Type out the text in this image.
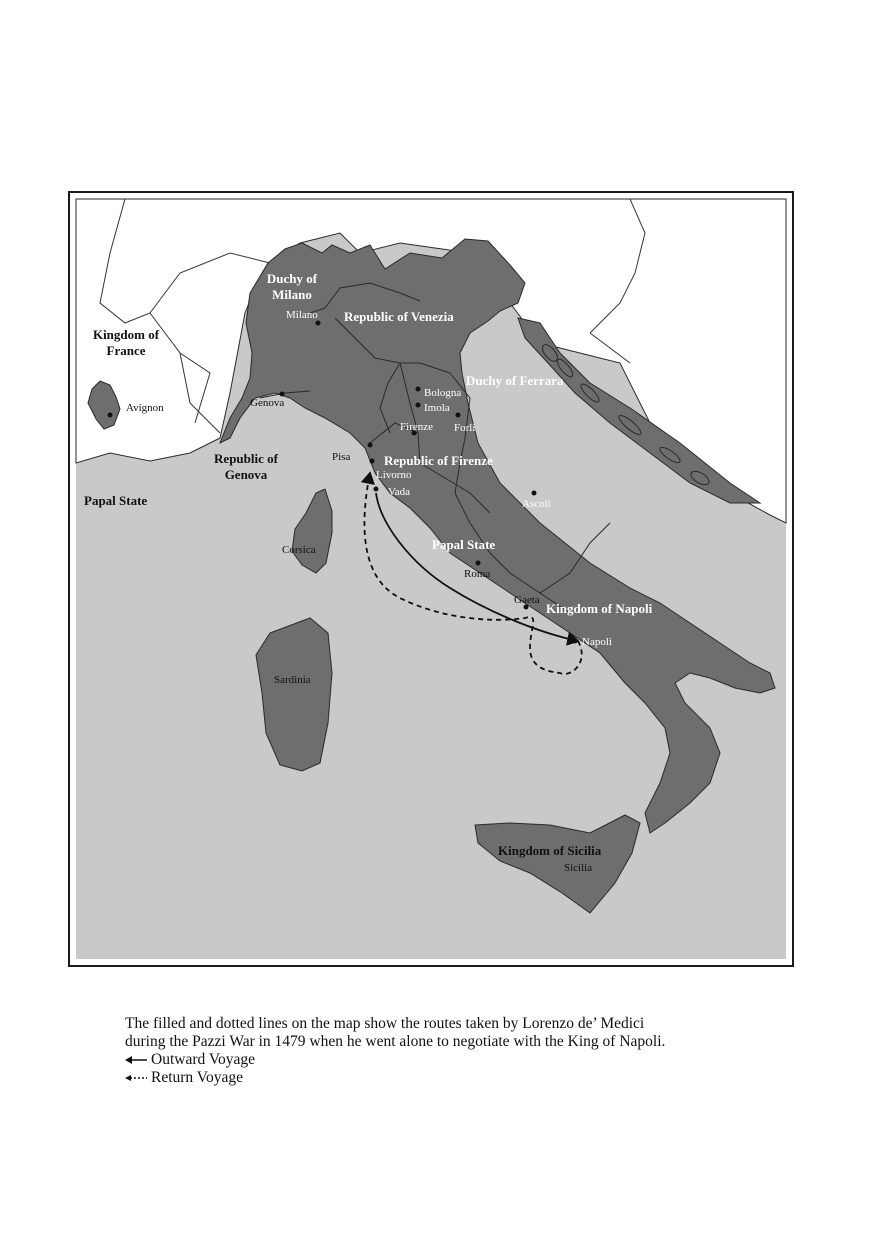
Kingdom of
France
Papal State
Duchy of
Milano
Republic of Venezia
Duchy of Ferrara
Republic of
Genova
Republic of Firenze
Papal State
Kingdom of Napoli
Kingdom of Sicilia
Avignon
Milano
Genova
Bologna
Imola
Forli
Firenze
Pisa
Livorno
Vada
Ascoli
Roma
Gaeta
Napoli
Sicilia
Corsica
Sardinia

The filled and dotted lines on the map show the routes taken by Lorenzo de’ Medici

during the Pazzi War in 1479 when he went alone to negotiate with the King of Napoli.

Outward Voyage
Return Voyage
